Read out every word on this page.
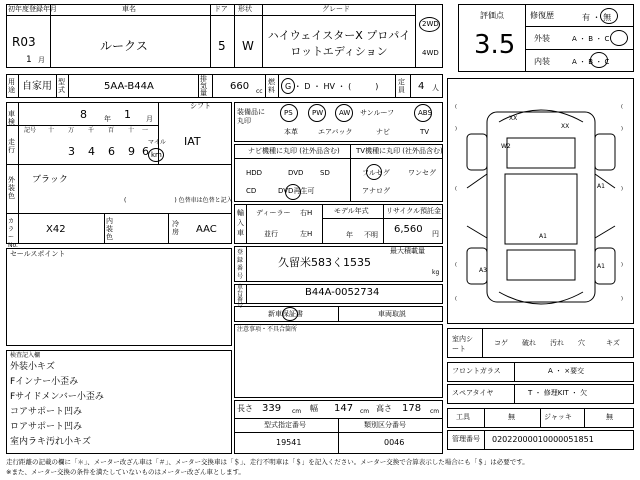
初年度登録年月
R03
1 月
車名
ルークス
ドア
5
形状
W
グレード
ハイウェイスターX プロパイロットエディション
2WD
4WD
用途 自家用 型式	5AA-B44A
排気量
660 cc
燃料 G ・ D ・ HV ・ (　　　)	定員 4 人
評価点
3.5
修復歴	有 ・ 無
外装	A ・ B ・ C
内装	A ・ B ・ C
車検
8 年 1 月
シフト
IAT
走行
記号 十 万 千 百 十 一
3 4 6 9 6
マイル
km
外装色
ブラック
(　　　　　　　　) 色替車は色替と記入
カラーNo.
X42
内装色
冷房 AAC
セールスポイント
検査記入欄
外装小キズ
Fインナー小歪み
Fサイドメンバー小歪み
コアサポート凹み
ロアサポート凹み
室内ラキ汚れ小キズ
装備品に丸印
PS	PW AW サンルーフ	ABS
本革	エアバック	ナビ	TV
ナビ機種に丸印 (社外品含む) TV機種に丸印 (社外品含む)
HDD	DVD SD
CD	DVD再生可
フルセグ	ワンセグ
アナログ
輸入車
ディーラー
並行
右H
左H
モデル年式
年 不明
リサイクル預託金
6,560 円
登録番号
久留米583く1535
最大積載量
kg
車台番号
B44A-0052734
新車保証書	車両取説
注意事項・不具合箇所
長さ 339 cm 幅 147 cm 高さ 178 cm
型式指定番号
19541
類別区分番号
0046
(
)
(
)
(	)
(	)
(	)
XX
XX
A1
A1
A3
W2
A1
室内シート
コゲ 破れ 汚れ 穴	キズ
フロントガラス	A ・ ×要交
スペアタイヤ	T ・ 修理KIT ・ 欠
工具	無	ジャッキ	無
管理番号 02022000010000051851
走行距離の記載の欄に「＊」、メーター改ざん車は「＃」、メーター交換車は「＄」、走行不明車は「＄」を記入ください。メーター交換で合算表示した場合にも「＄」は必要です。
※また、メーター交換の条件を満たしていないものはメーター改ざん車とします。
